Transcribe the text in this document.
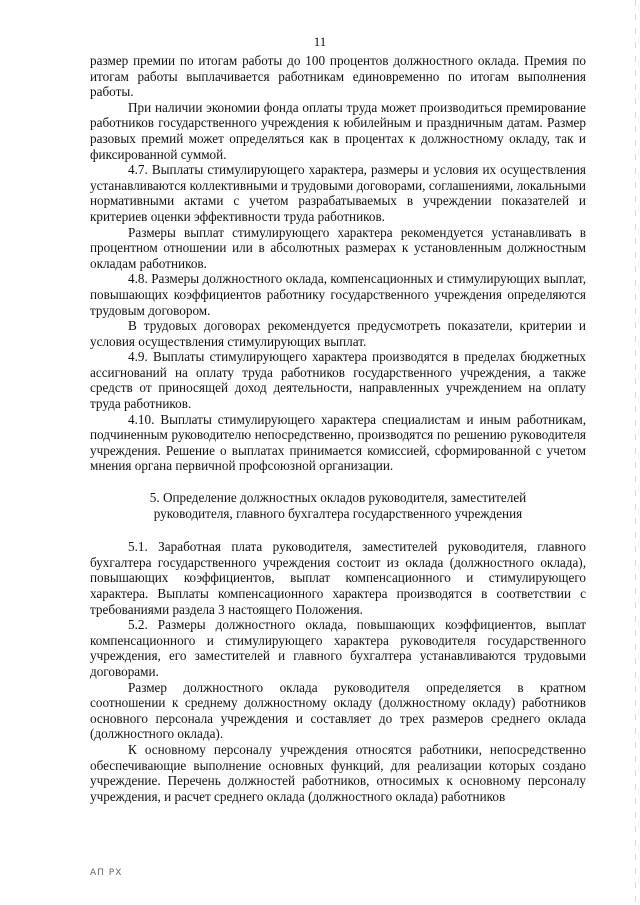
11

размер премии по итогам работы до 100 процентов должностного оклада. Премия по итогам работы выплачивается работникам единовременно по итогам выполнения работы.

При наличии экономии фонда оплаты труда может производиться премирование работников государственного учреждения к юбилейным и праздничным датам. Размер разовых премий может определяться как в процентах к должностному окладу, так и фиксированной суммой.

4.7. Выплаты стимулирующего характера, размеры и условия их осуществления устанавливаются коллективными и трудовыми договорами, соглашениями, локальными нормативными актами с учетом разрабатываемых в учреждении показателей и критериев оценки эффективности труда работников.

Размеры выплат стимулирующего характера рекомендуется устанавливать в процентном отношении или в абсолютных размерах к установленным должностным окладам работников.

4.8. Размеры должностного оклада, компенсационных и стимулирующих выплат, повышающих коэффициентов работнику государственного учреждения определяются трудовым договором.

В трудовых договорах рекомендуется предусмотреть показатели, критерии и условия осуществления стимулирующих выплат.

4.9. Выплаты стимулирующего характера производятся в пределах бюджетных ассигнований на оплату труда работников государственного учреждения, а также средств от приносящей доход деятельности, направленных учреждением на оплату труда работников.

4.10. Выплаты стимулирующего характера специалистам и иным работникам, подчиненным руководителю непосредственно, производятся по решению руководителя учреждения. Решение о выплатах принимается комиссией, сформированной с учетом мнения органа первичной профсоюзной организации.

5. Определение должностных окладов руководителя, заместителей
руководителя, главного бухгалтера государственного учреждения

5.1. Заработная плата руководителя, заместителей руководителя, главного бухгалтера государственного учреждения состоит из оклада (должностного оклада), повышающих коэффициентов, выплат компенсационного и стимулирующего характера. Выплаты компенсационного характера производятся в соответствии с требованиями раздела 3 настоящего Положения.

5.2. Размеры должностного оклада, повышающих коэффициентов, выплат компенсационного и стимулирующего характера руководителя государственного учреждения, его заместителей и главного бухгалтера устанавливаются трудовыми договорами.

Размер должностного оклада руководителя определяется в кратном соотношении к среднему должностному окладу (должностному окладу) работников основного персонала учреждения и составляет до трех размеров среднего оклада (должностного оклада).

К основному персоналу учреждения относятся работники, непосредственно обеспечивающие выполнение основных функций, для реализации которых создано учреждение. Перечень должностей работников, относимых к основному персоналу учреждения, и расчет среднего оклада (должностного оклада) работников

АП РХ
